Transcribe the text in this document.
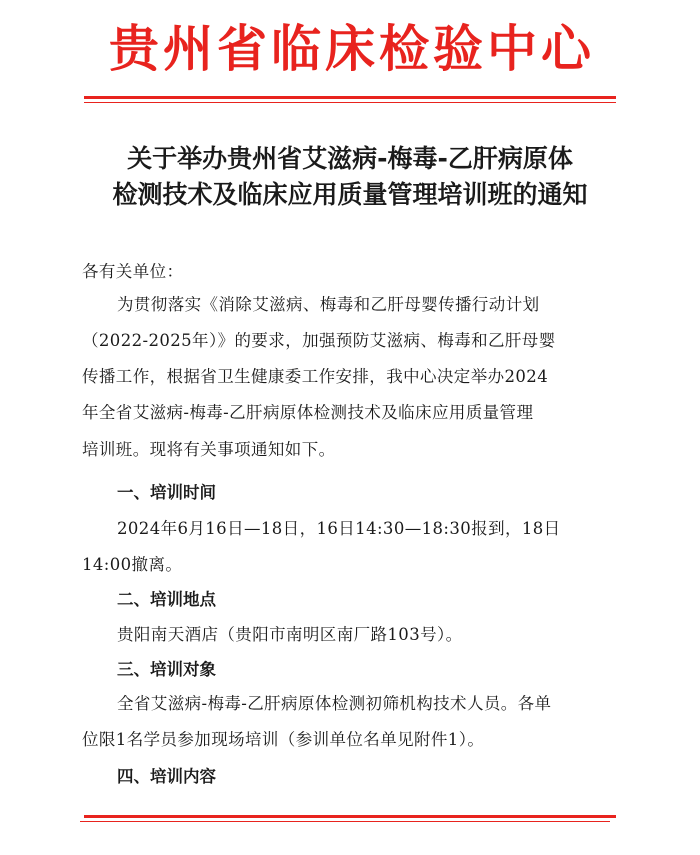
贵州省临床检验中心
关于举办贵州省艾滋病-梅毒-乙肝病原体
检测技术及临床应用质量管理培训班的通知
各有关单位：
为贯彻落实《消除艾滋病、梅毒和乙肝母婴传播行动计划
（2022-2025年）》的要求，加强预防艾滋病、梅毒和乙肝母婴
传播工作，根据省卫生健康委工作安排，我中心决定举办2024
年全省艾滋病-梅毒-乙肝病原体检测技术及临床应用质量管理
培训班。现将有关事项通知如下。
一、培训时间
2024年6月16日—18日，16日14:30—18:30报到，18日
14:00撤离。
二、培训地点
贵阳南天酒店（贵阳市南明区南厂路103号）。
三、培训对象
全省艾滋病-梅毒-乙肝病原体检测初筛机构技术人员。各单
位限1名学员参加现场培训（参训单位名单见附件1）。
四、培训内容
